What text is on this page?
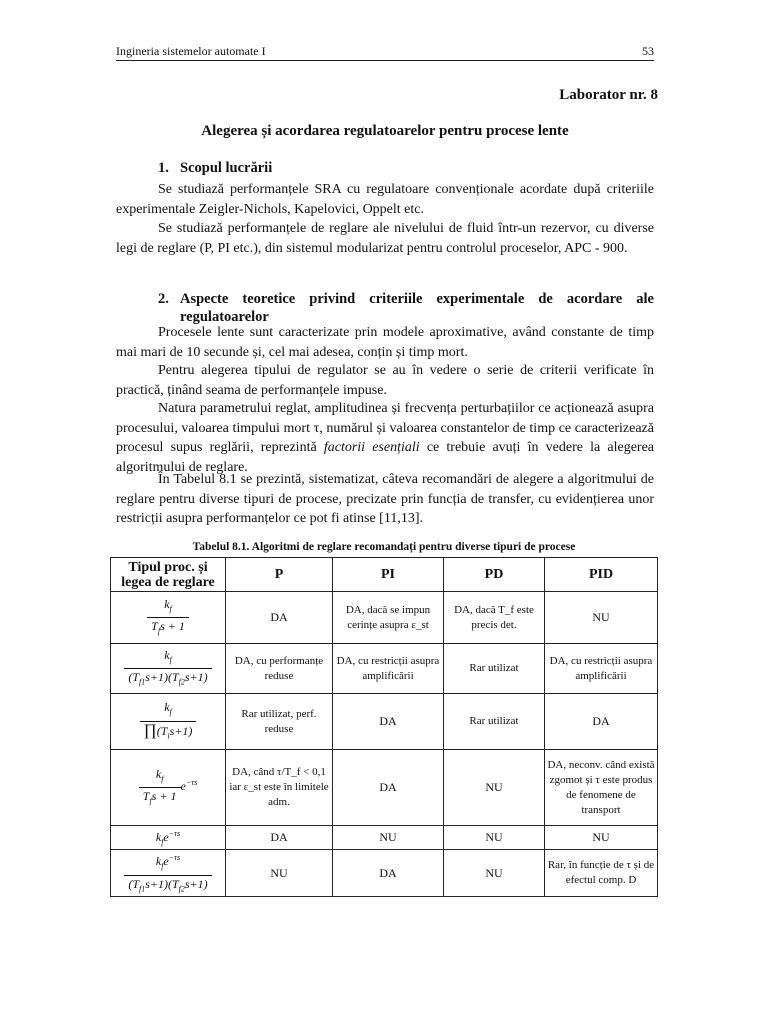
Ingineria sistemelor automate I	53
Laborator nr. 8
Alegerea și acordarea regulatoarelor pentru procese lente
1. Scopul lucrării
Se studiază performanțele SRA cu regulatoare convenționale acordate după criteriile experimentale Zeigler-Nichols, Kapelovici, Oppelt etc.
Se studiază performanțele de reglare ale nivelului de fluid într-un rezervor, cu diverse legi de reglare (P, PI etc.), din sistemul modularizat pentru controlul proceselor, APC - 900.
2. Aspecte teoretice privind criteriile experimentale de acordare ale regulatoarelor
Procesele lente sunt caracterizate prin modele aproximative, având constante de timp mai mari de 10 secunde și, cel mai adesea, conțin și timp mort.
Pentru alegerea tipului de regulator se au în vedere o serie de criterii verificate în practică, ținând seama de performanțele impuse.
Natura parametrului reglat, amplitudinea și frecvența perturbațiilor ce acționează asupra procesului, valoarea timpului mort τ, numărul și valoarea constantelor de timp ce caracterizează procesul supus reglării, reprezintă factorii esențiali ce trebuie avuți în vedere la alegerea algoritmului de reglare.
În Tabelul 8.1 se prezintă, sistematizat, câteva recomandări de alegere a algoritmului de reglare pentru diverse tipuri de procese, precizate prin funcția de transfer, cu evidențierea unor restricții asupra performanțelor ce pot fi atinse [11,13].
Tabelul 8.1. Algoritmi de reglare recomandați pentru diverse tipuri de procese
Tipul proc. și legea de reglare	P	PI	PD	PID

$\frac{k_f}{T_fs + 1}$	DA	DA, dacă se impun cerințe asupra ε_st	DA, dacă T_f este precis det.	NU

$\frac{k_f}{(T_{f1}s+1)(T_{f2}s+1)}$	DA, cu performanțe reduse	DA, cu restricții asupra amplificării	Rar utilizat	DA, cu restricții asupra amplificării

$\frac{k_f}{\prod(T_is+1)}$	Rar utilizat, perf. reduse	DA	Rar utilizat	DA

$\frac{k_f}{T_fs + 1} e^{-\tau s}$	DA, când τ/T_f < 0,1 iar ε_st este în limitele adm.	DA	NU	DA, neconv. când există zgomot și τ este produs de fenomene de transport
$k_fe^{-\tau s}$	DA	NU	NU	NU

$\frac{k_fe^{-\tau s}}{(T_{f1}s+1)(T_{f2}s+1)}$	NU	DA	NU	Rar, în funcție de τ și de efectul comp. D
